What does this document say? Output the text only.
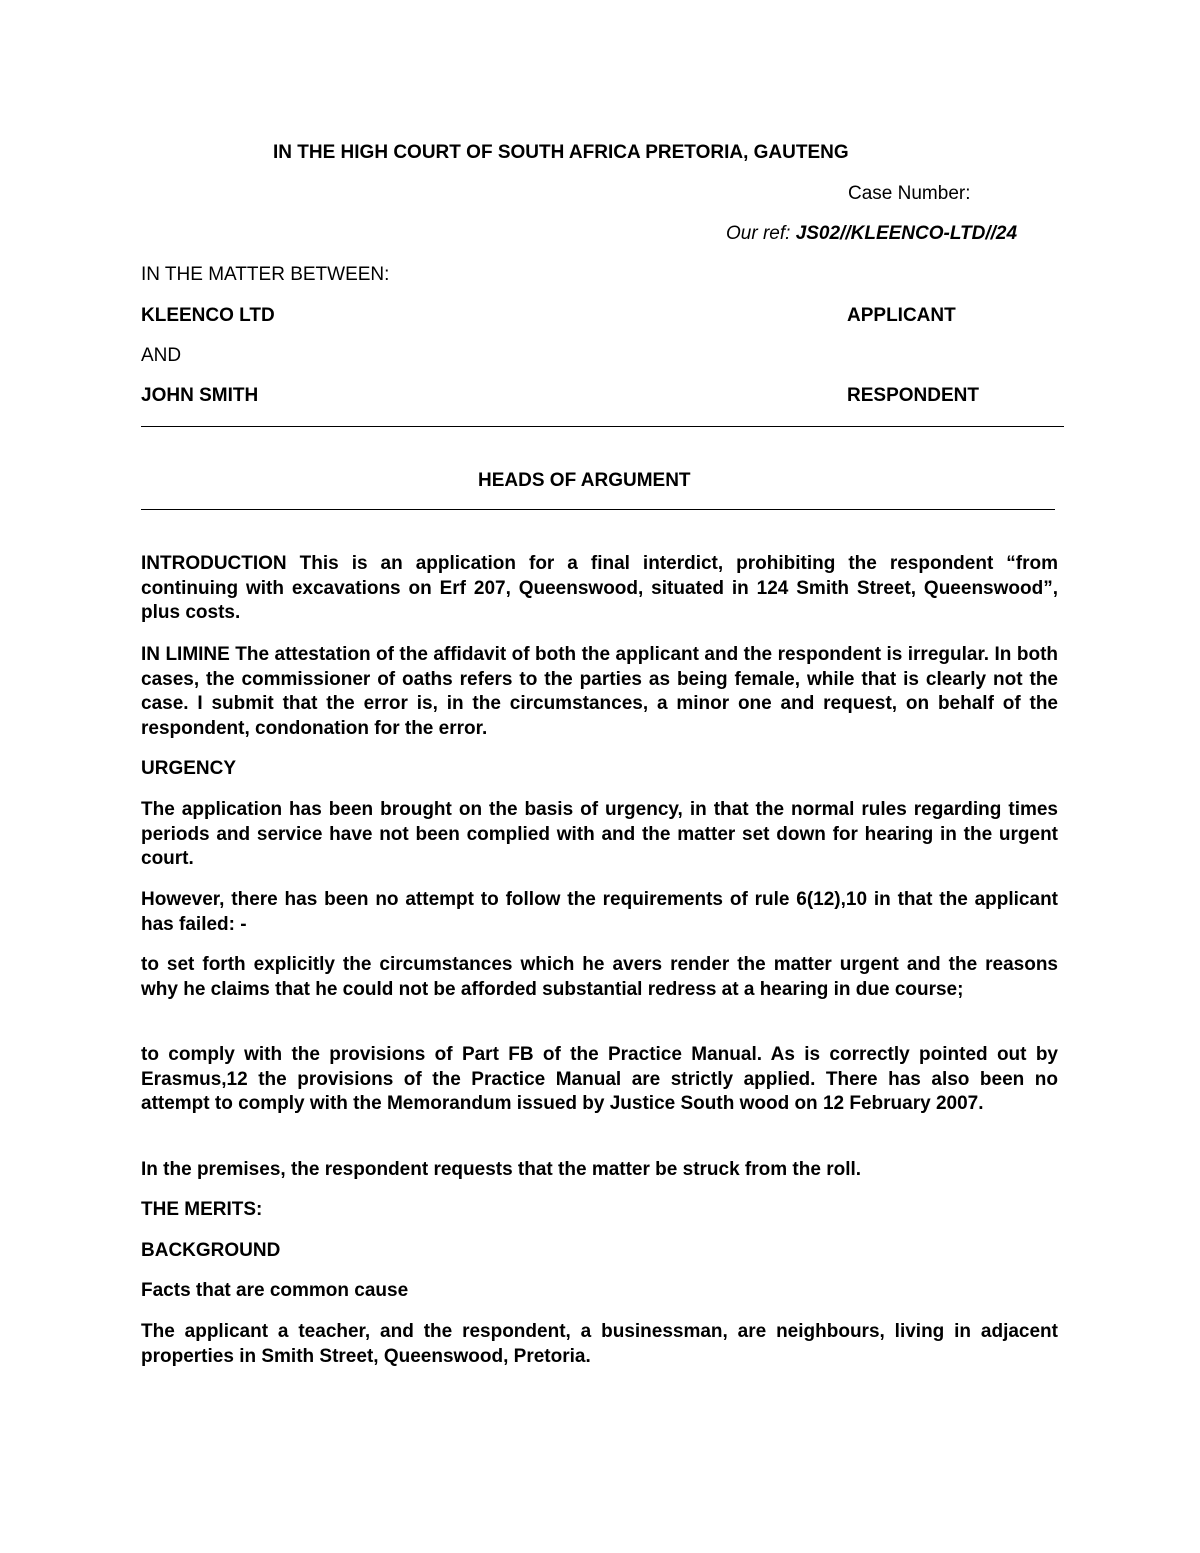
IN THE HIGH COURT OF SOUTH AFRICA PRETORIA, GAUTENG
Case Number:
Our ref: JS02//KLEENCO-LTD//24
IN THE MATTER BETWEEN:
KLEENCO LTD	APPLICANT
AND
JOHN SMITH	RESPONDENT
HEADS OF ARGUMENT
INTRODUCTION This is an application for a final interdict, prohibiting the respondent “from continuing with excavations on Erf 207, Queenswood, situated in 124 Smith Street, Queenswood”, plus costs.
IN LIMINE The attestation of the affidavit of both the applicant and the respondent is irregular. In both cases, the commissioner of oaths refers to the parties as being female, while that is clearly not the case. I submit that the error is, in the circumstances, a minor one and request, on behalf of the respondent, condonation for the error.
URGENCY
The application has been brought on the basis of urgency, in that the normal rules regarding times periods and service have not been complied with and the matter set down for hearing in the urgent court.
However, there has been no attempt to follow the requirements of rule 6(12),10 in that the applicant has failed: -
to set forth explicitly the circumstances which he avers render the matter urgent and the reasons why he claims that he could not be afforded substantial redress at a hearing in due course;
to comply with the provisions of Part FB of the Practice Manual. As is correctly pointed out by Erasmus,12 the provisions of the Practice Manual are strictly applied. There has also been no attempt to comply with the Memorandum issued by Justice South wood on 12 February 2007.
In the premises, the respondent requests that the matter be struck from the roll.
THE MERITS:
BACKGROUND
Facts that are common cause
The applicant a teacher, and the respondent, a businessman, are neighbours, living in adjacent properties in Smith Street, Queenswood, Pretoria.
